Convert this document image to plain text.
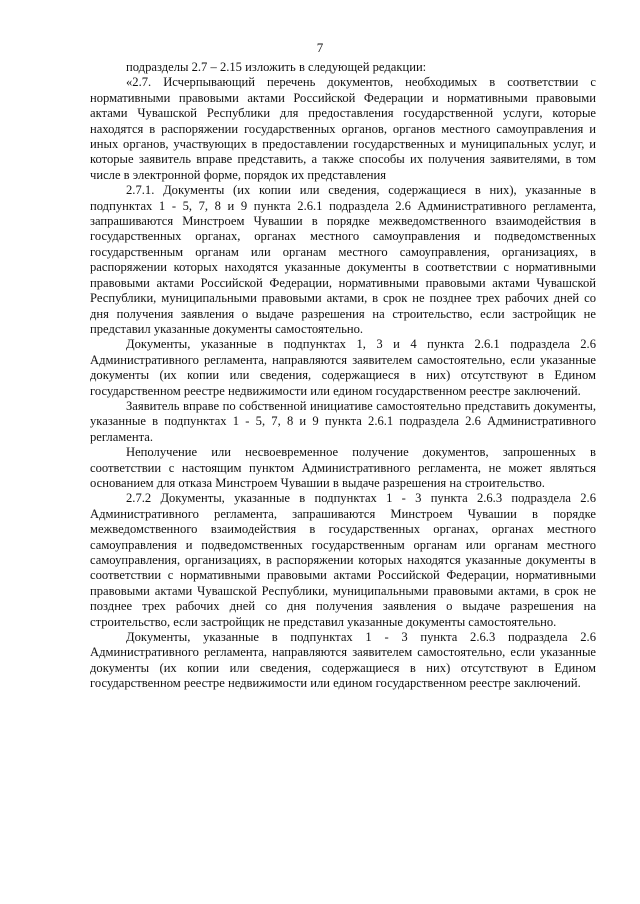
7

подразделы 2.7 – 2.15 изложить в следующей редакции:

«2.7. Исчерпывающий перечень документов, необходимых в соответствии с нормативными правовыми актами Российской Федерации и нормативными правовыми актами Чувашской Республики для предоставления государственной услуги, которые находятся в распоряжении государственных органов, органов местного самоуправления и иных органов, участвующих в предоставлении государственных и муниципальных услуг, и которые заявитель вправе представить, а также способы их получения заявителями, в том числе в электронной форме, порядок их представления

2.7.1. Документы (их копии или сведения, содержащиеся в них), указанные в подпунктах 1 - 5, 7, 8 и 9 пункта 2.6.1 подраздела 2.6 Административного регламента, запрашиваются Минстроем Чувашии в порядке межведомственного взаимодействия в государственных органах, органах местного самоуправления и подведомственных государственным органам или органам местного самоуправления, организациях, в распоряжении которых находятся указанные документы в соответствии с нормативными правовыми актами Российской Федерации, нормативными правовыми актами Чувашской Республики, муниципальными правовыми актами, в срок не позднее трех рабочих дней со дня получения заявления о выдаче разрешения на строительство, если застройщик не представил указанные документы самостоятельно.

Документы, указанные в подпунктах 1, 3 и 4 пункта 2.6.1 подраздела 2.6 Административного регламента, направляются заявителем самостоятельно, если указанные документы (их копии или сведения, содержащиеся в них) отсутствуют в Едином государственном реестре недвижимости или едином государственном реестре заключений.

Заявитель вправе по собственной инициативе самостоятельно представить документы, указанные в подпунктах 1 - 5, 7, 8 и 9 пункта 2.6.1 подраздела 2.6 Административного регламента.

Неполучение или несвоевременное получение документов, запрошенных в соответствии с настоящим пунктом Административного регламента, не может являться основанием для отказа Минстроем Чувашии в выдаче разрешения на строительство.

2.7.2 Документы, указанные в подпунктах 1 - 3 пункта 2.6.3 подраздела 2.6 Административного регламента, запрашиваются Минстроем Чувашии в порядке межведомственного взаимодействия в государственных органах, органах местного самоуправления и подведомственных государственным органам или органам местного самоуправления, организациях, в распоряжении которых находятся указанные документы в соответствии с нормативными правовыми актами Российской Федерации, нормативными правовыми актами Чувашской Республики, муниципальными правовыми актами, в срок не позднее трех рабочих дней со дня получения заявления о выдаче разрешения на строительство, если застройщик не представил указанные документы самостоятельно.

Документы, указанные в подпунктах 1 - 3 пункта 2.6.3 подраздела 2.6 Административного регламента, направляются заявителем самостоятельно, если указанные документы (их копии или сведения, содержащиеся в них) отсутствуют в Едином государственном реестре недвижимости или едином государственном реестре заключений.
